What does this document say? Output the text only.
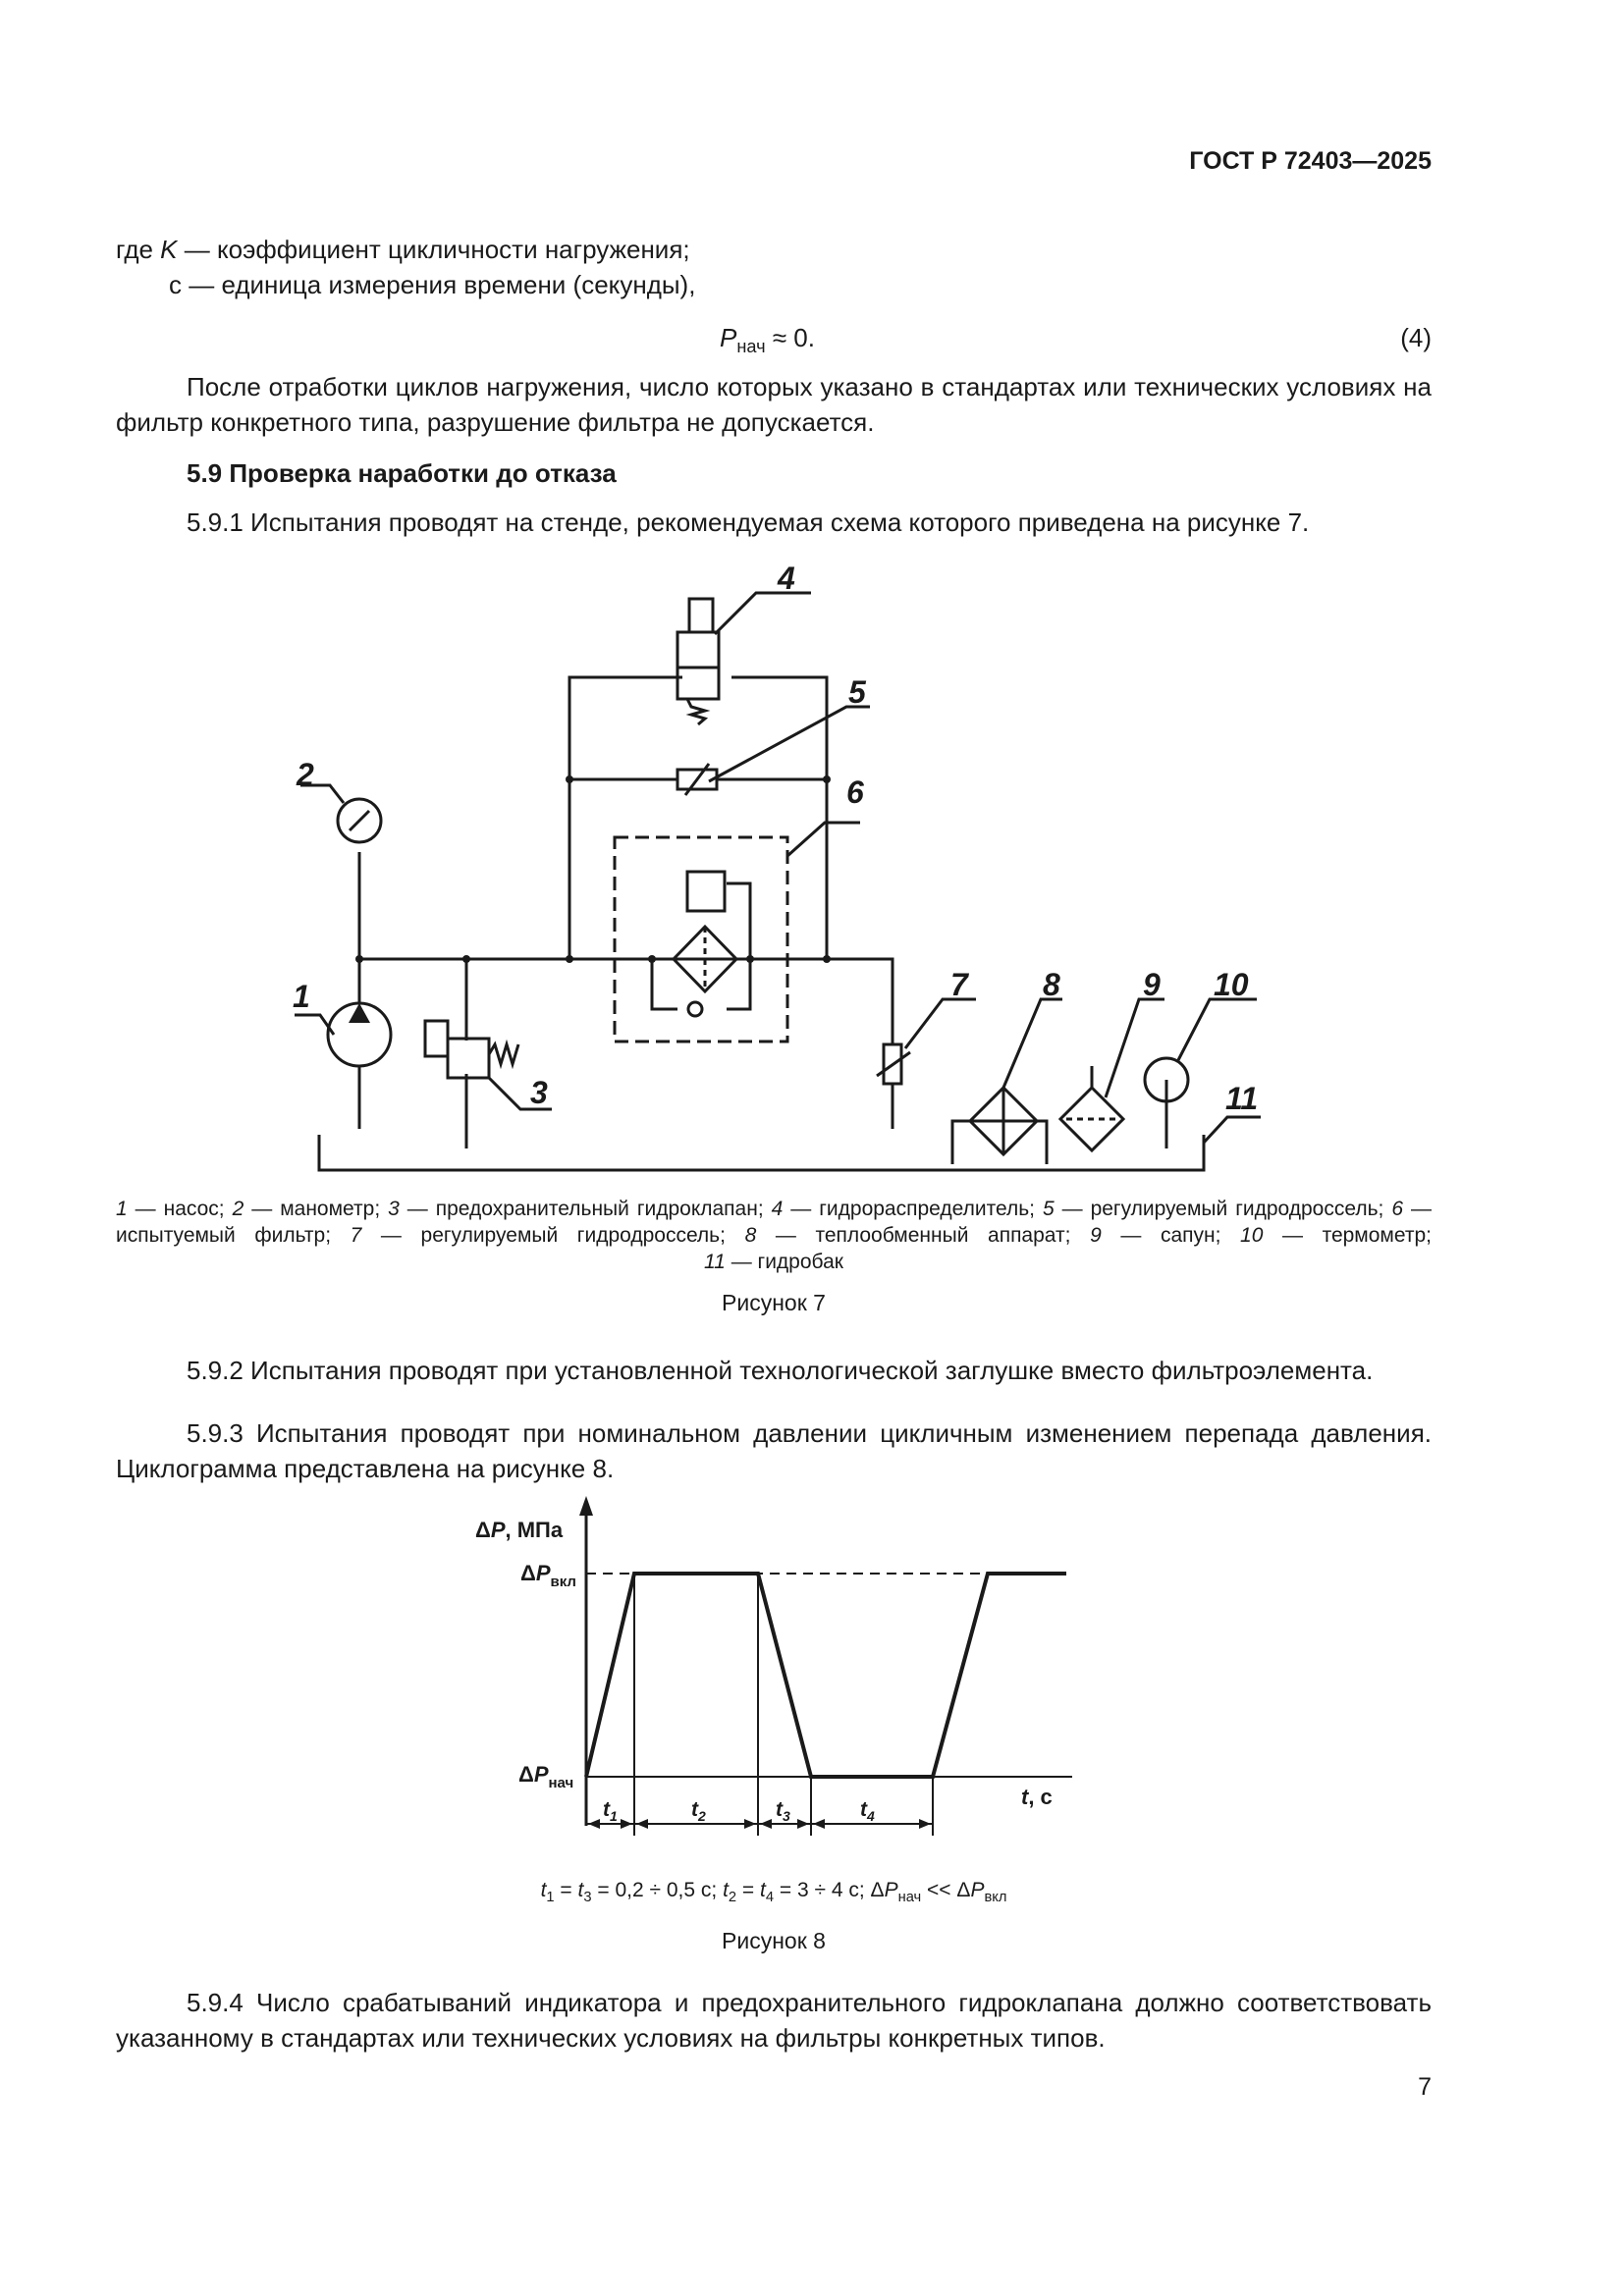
ГОСТ Р 72403—2025
где K — коэффициент цикличности нагружения;
с — единица измерения времени (секунды),
$P_{нач} \approx 0$.	(4)
После отработки циклов нагружения, число которых указано в стандартах или технических условиях на фильтр конкретного типа, разрушение фильтра не допускается.
5.9 Проверка наработки до отказа
5.9.1 Испытания проводят на стенде, рекомендуемая схема которого приведена на рисунке 7.
1
2
3
4
5
6
7 8	9 10
11
1 — насос; 2 — манометр; 3 — предохранительный гидроклапан; 4 — гидрораспределитель; 5 — регулируемый гидродроссель; 6 — испытуемый фильтр; 7 — регулируемый гидродроссель; 8 — теплообменный аппарат; 9 — сапун; 10 — термометр;
11 — гидробак
Рисунок 7
5.9.2 Испытания проводят при установленной технологической заглушке вместо фильтроэлемента.
5.9.3 Испытания проводят при номинальном давлении цикличным изменением перепада давления. Циклограмма представлена на рисунке 8.
ΔP, МПа
$\Delta P_{вкл}$
$\Delta P_{нач}$
t, с
$t_1$	$t_2$	$t_3$	$t_4$
$t_1 = t_3 = 0,2 \div 0,5$ с; $t_2 = t_4 = 3 \div 4$ с; $\Delta P_{нач} << \Delta P_{вкл}$
Рисунок 8
5.9.4 Число срабатываний индикатора и предохранительного гидроклапана должно соответствовать указанному в стандартах или технических условиях на фильтры конкретных типов.
7
